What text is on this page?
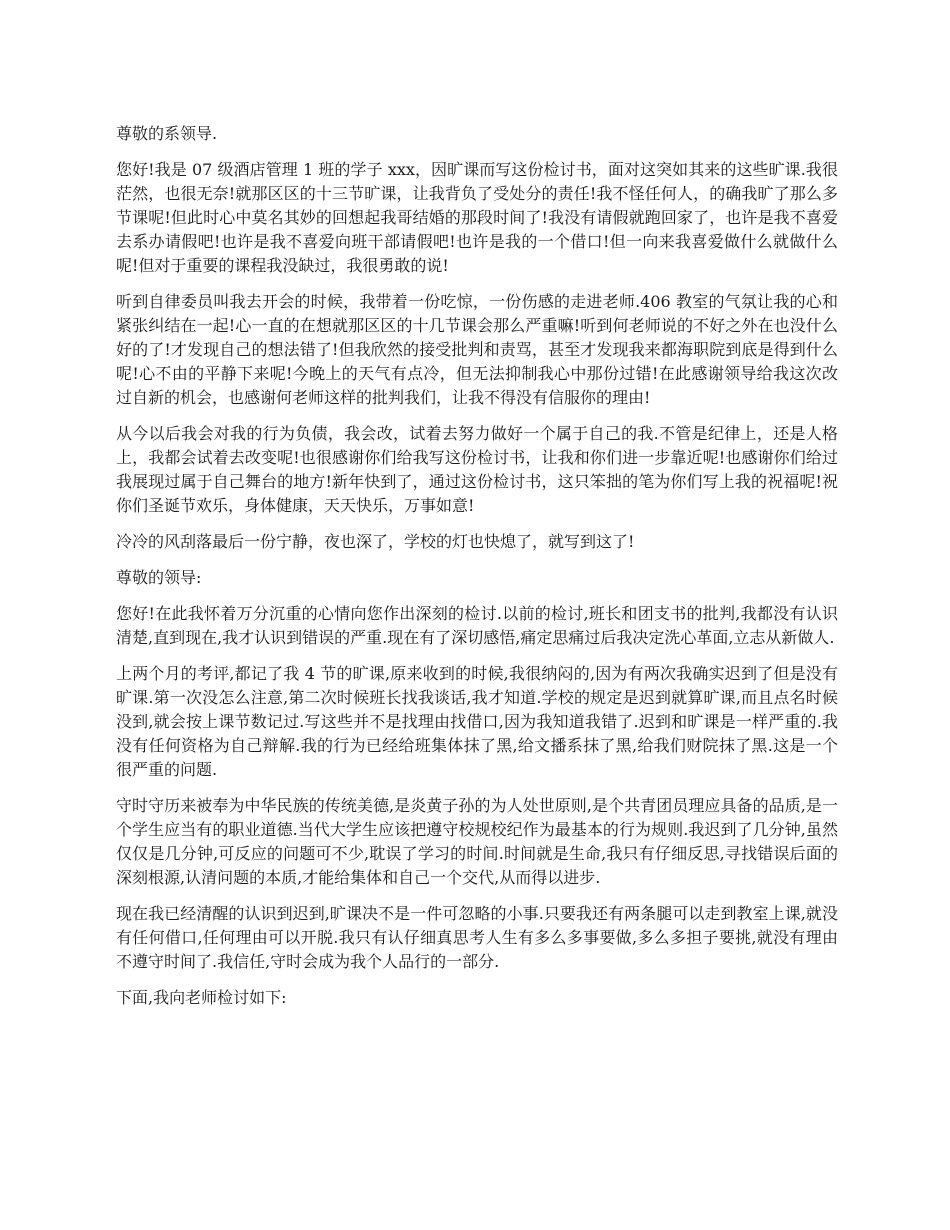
尊敬的系领导.

您好!我是 07 级酒店管理 1 班的学子 xxx，因旷课而写这份检讨书，面对这突如其来的这些旷课.我很茫然，也很无奈!就那区区的十三节旷课，让我背负了受处分的责任!我不怪任何人，的确我旷了那么多节课呢!但此时心中莫名其妙的回想起我哥结婚的那段时间了!我没有请假就跑回家了，也许是我不喜爱去系办请假吧!也许是我不喜爱向班干部请假吧!也许是我的一个借口!但一向来我喜爱做什么就做什么呢!但对于重要的课程我没缺过，我很勇敢的说!

听到自律委员叫我去开会的时候，我带着一份吃惊，一份伤感的走进老师.406 教室的气氛让我的心和紧张纠结在一起!心一直的在想就那区区的十几节课会那么严重嘛!听到何老师说的不好之外在也没什么好的了!才发现自己的想法错了!但我欣然的接受批判和责骂，甚至才发现我来都海职院到底是得到什么呢!心不由的平静下来呢!今晚上的天气有点冷，但无法抑制我心中那份过错!在此感谢领导给我这次改过自新的机会，也感谢何老师这样的批判我们，让我不得没有信服你的理由!

从今以后我会对我的行为负债，我会改，试着去努力做好一个属于自己的我.不管是纪律上，还是人格上，我都会试着去改变呢!也很感谢你们给我写这份检讨书，让我和你们进一步靠近呢!也感谢你们给过我展现过属于自己舞台的地方!新年快到了，通过这份检讨书，这只笨拙的笔为你们写上我的祝福呢!祝你们圣诞节欢乐，身体健康，天天快乐，万事如意!

冷冷的风刮落最后一份宁静，夜也深了，学校的灯也快熄了，就写到这了!

尊敬的领导:

您好!在此我怀着万分沉重的心情向您作出深刻的检讨.以前的检讨,班长和团支书的批判,我都没有认识清楚,直到现在,我才认识到错误的严重.现在有了深切感悟,痛定思痛过后我决定洗心革面,立志从新做人.

上两个月的考评,都记了我 4 节的旷课,原来收到的时候,我很纳闷的,因为有两次我确实迟到了但是没有旷课.第一次没怎么注意,第二次时候班长找我谈话,我才知道.学校的规定是迟到就算旷课,而且点名时候没到,就会按上课节数记过.写这些并不是找理由找借口,因为我知道我错了.迟到和旷课是一样严重的.我没有任何资格为自己辩解.我的行为已经给班集体抹了黑,给文播系抹了黑,给我们财院抹了黑.这是一个很严重的问题.

守时守历来被奉为中华民族的传统美德,是炎黄子孙的为人处世原则,是个共青团员理应具备的品质,是一个学生应当有的职业道德.当代大学生应该把遵守校规校纪作为最基本的行为规则.我迟到了几分钟,虽然仅仅是几分钟,可反应的问题可不少,耽误了学习的时间.时间就是生命,我只有仔细反思,寻找错误后面的深刻根源,认清问题的本质,才能给集体和自己一个交代,从而得以进步.

现在我已经清醒的认识到迟到,旷课决不是一件可忽略的小事.只要我还有两条腿可以走到教室上课,就没有任何借口,任何理由可以开脱.我只有认仔细真思考人生有多么多事要做,多么多担子要挑,就没有理由不遵守时间了.我信任,守时会成为我个人品行的一部分.

下面,我向老师检讨如下:
